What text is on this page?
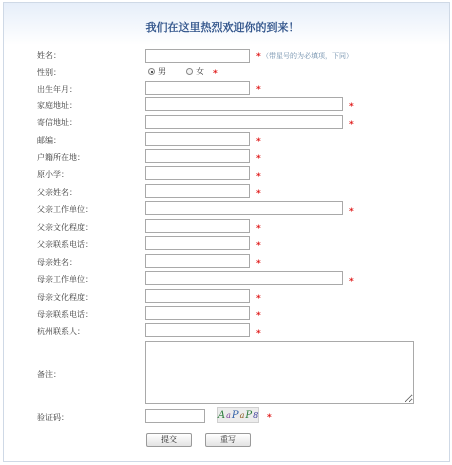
我们在这里热烈欢迎你的到来！
姓名：	* （带星号的为必填项，下同）
性别：	男	女 *
出生年月：	*
家庭地址：	*
寄信地址：	*
邮编：	*
户籍所在地：	*
原小学：	*
父亲姓名：	*
父亲工作单位：	*
父亲文化程度：	*
父亲联系电话：	*
母亲姓名：	*
母亲工作单位：	*
母亲文化程度：	*
母亲联系电话：	*
杭州联系人：	*
备注：
验证码：	A a P a P 8 *
提交	重写
